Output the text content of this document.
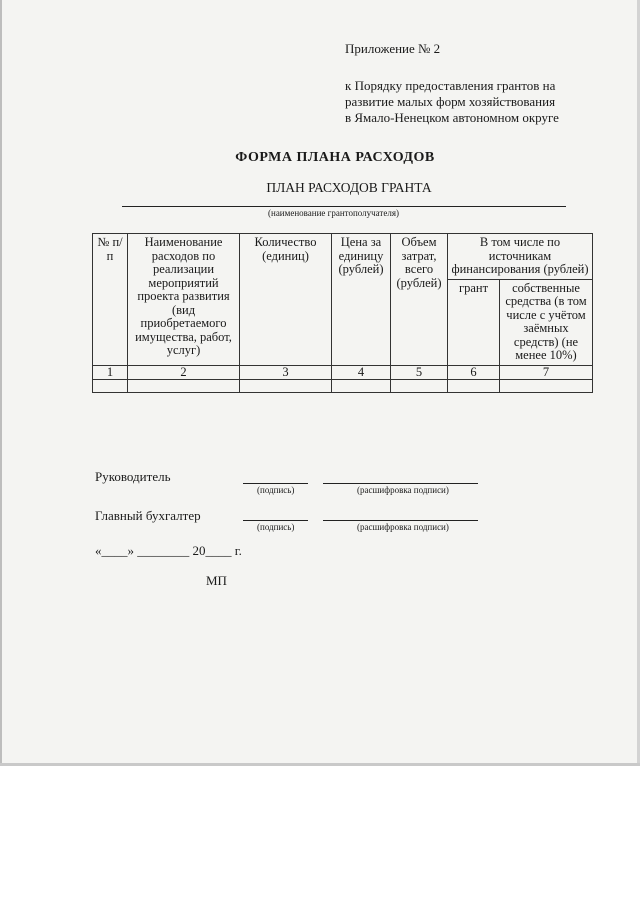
Приложение № 2
к Порядку предоставления грантов на
развитие малых форм хозяйствования
в Ямало-Ненецком автономном округе
ФОРМА ПЛАНА РАСХОДОВ
ПЛАН РАСХОДОВ ГРАНТА
(наименование грантополучателя)
№ п/п	Наименование расходов по реализации мероприятий проекта развития (вид приобретаемого имущества, работ, услуг)	Количество (единиц)	Цена за единицу (рублей)	Объем затрат, всего (рублей)	В том числе по источникам финансирования (рублей)	
					грант	собственные средства (в том числе с учётом заёмных средств) (не менее 10%)
1	2	3	4	5	6	7

Руководитель
(подпись)	(расшифровка подписи)
Главный бухгалтер
(подпись)	(расшифровка подписи)
«____» ________ 20____ г.
МП
